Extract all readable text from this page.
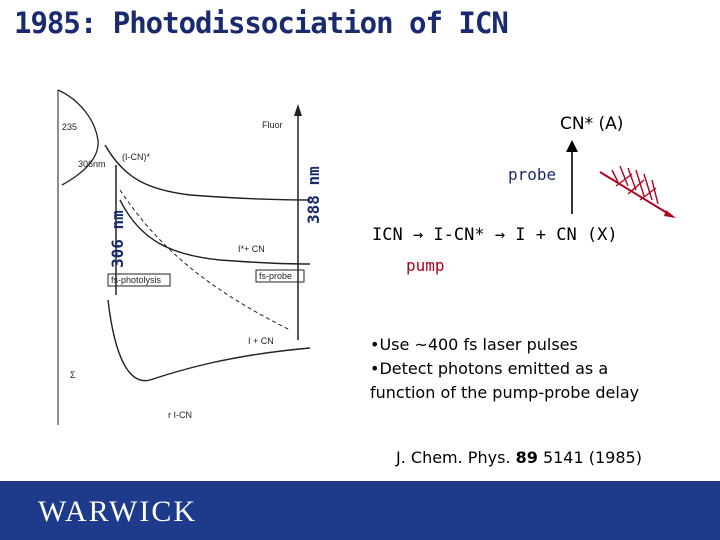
1985: Photodissociation of ICN
235
306nm
(I-CN)*
Fluor
I*+ CN
fs-photolysis	fs-probe
I + CN
Σ
r I-CN
306 nm
388 nm
CN* (A)
probe
ICN → I-CN* → I + CN (X)
pump
•Use ~400 fs laser pulses
•Detect photons emitted as a
function of the pump-probe delay
J. Chem. Phys. 89 5141 (1985)
WARWICK
